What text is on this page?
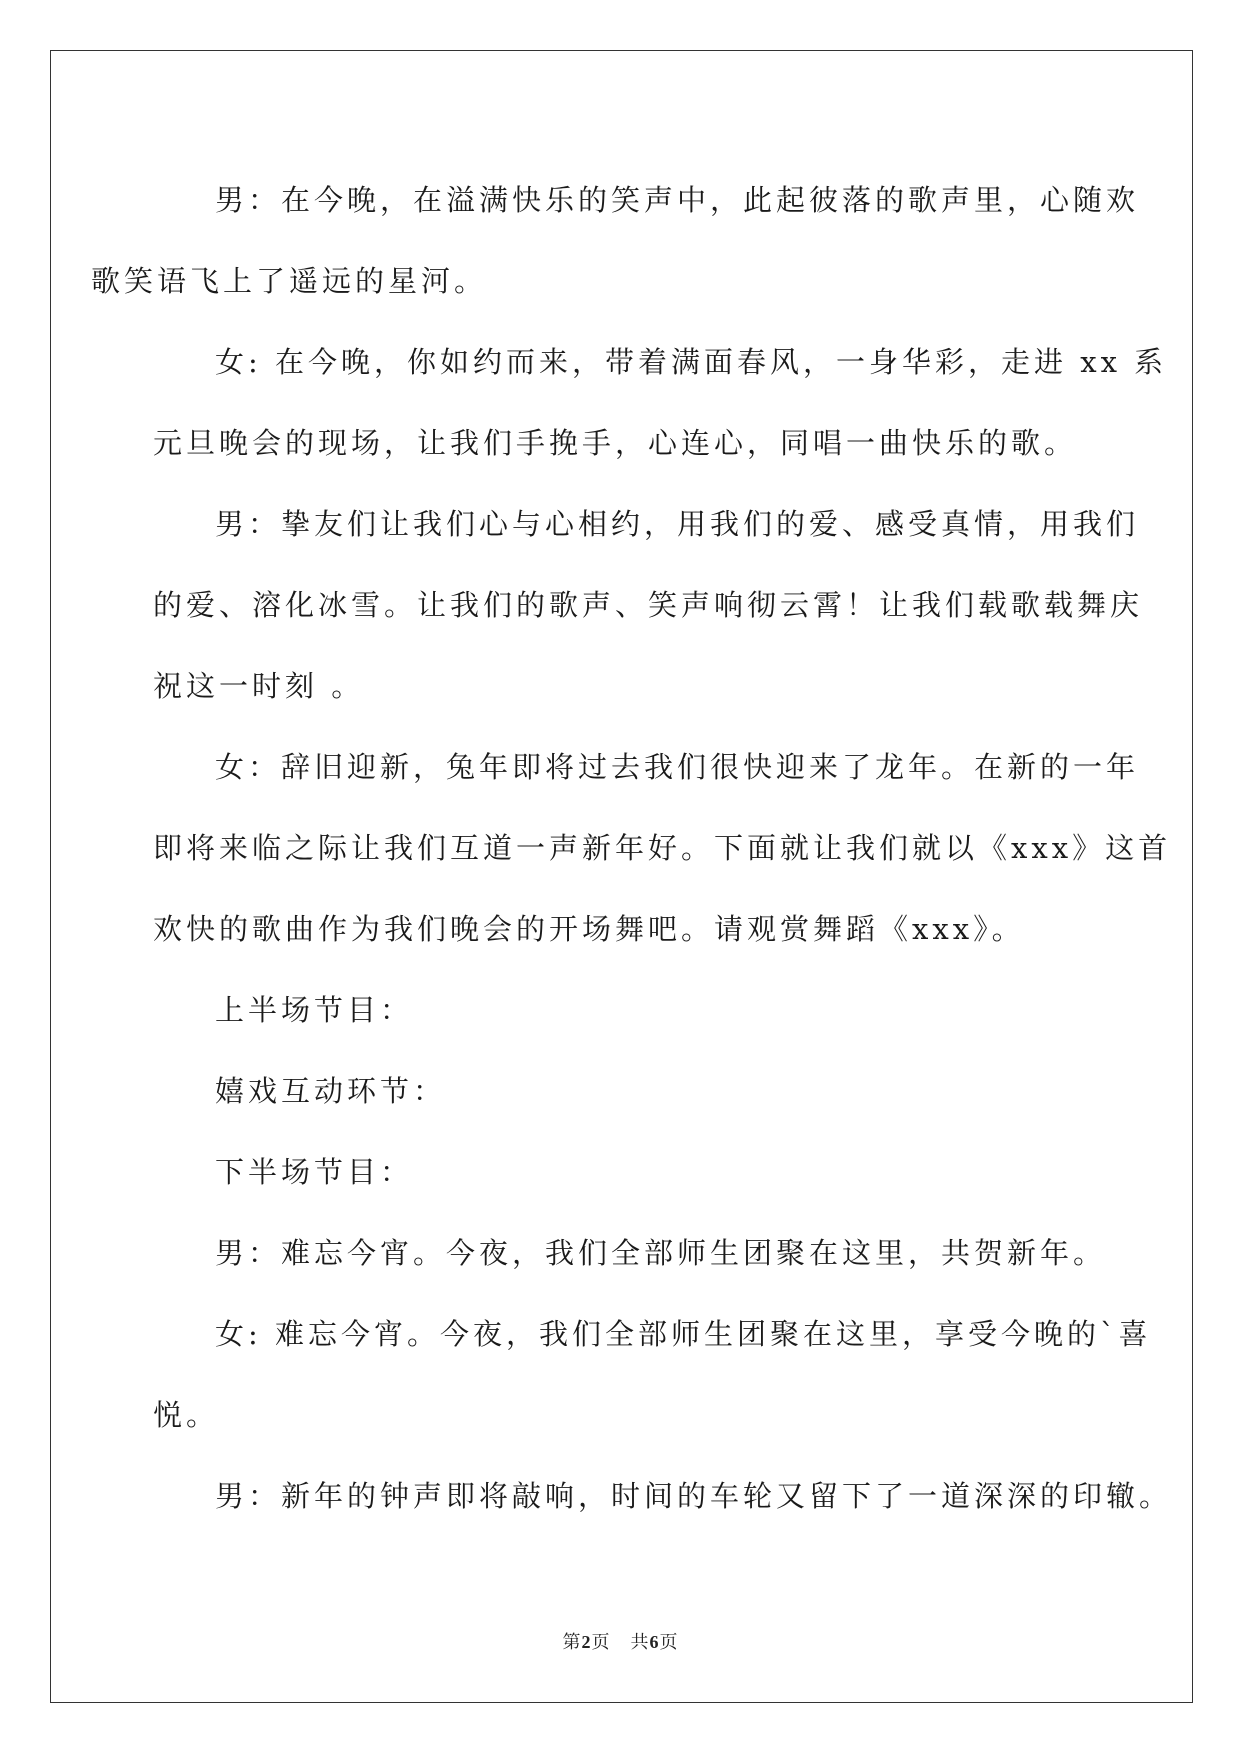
男：在今晚，在溢满快乐的笑声中，此起彼落的歌声里，心随欢
歌笑语飞上了遥远的星河。

女: 在今晚，你如约而来，带着满面春风，一身华彩，走进 xx 系
元旦晚会的现场，让我们手挽手，心连心，同唱一曲快乐的歌。

男：挚友们让我们心与心相约，用我们的爱、感受真情，用我们
的爱、溶化冰雪。让我们的歌声、笑声响彻云霄！让我们载歌载舞庆
祝这一时刻 。

女：辞旧迎新，兔年即将过去我们很快迎来了龙年。在新的一年
即将来临之际让我们互道一声新年好。下面就让我们就以《xxx》这首
欢快的歌曲作为我们晚会的开场舞吧。请观赏舞蹈《xxx》。

上半场节目：

嬉戏互动环节：

下半场节目：

男：难忘今宵。今夜，我们全部师生团聚在这里，共贺新年。

女: 难忘今宵。今夜，我们全部师生团聚在这里，享受今晚的`喜
悦。

男：新年的钟声即将敲响，时间的车轮又留下了一道深深的印辙。

第2页 共6页
